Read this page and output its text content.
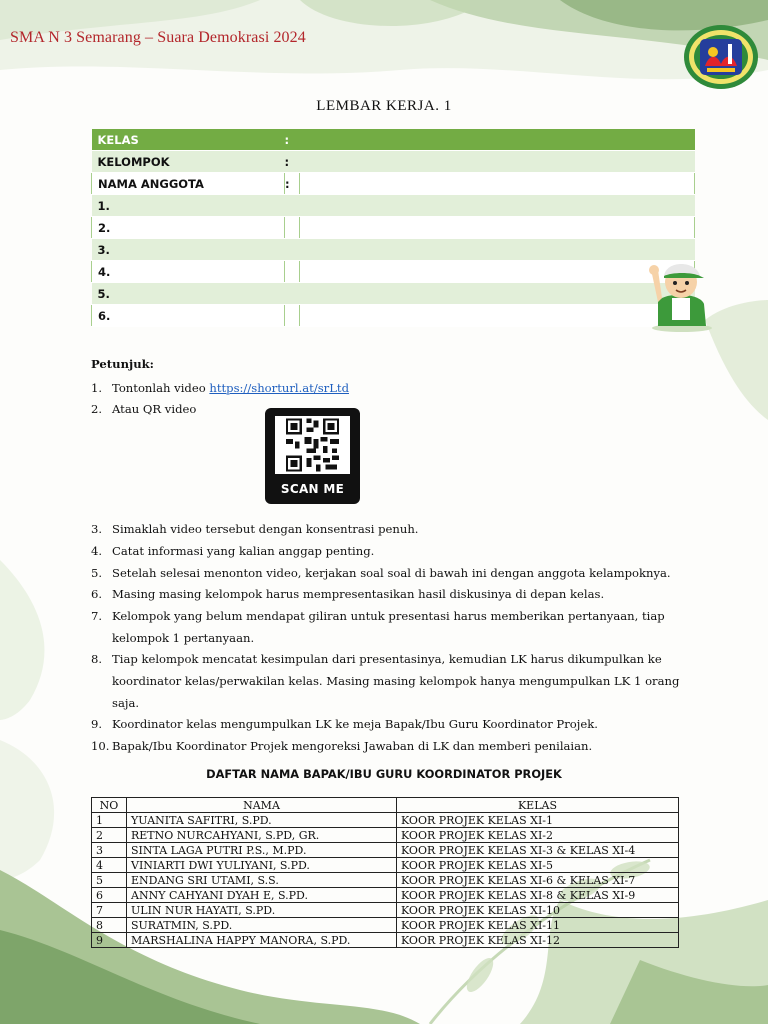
SMA N 3 Semarang – Suara Demokrasi 2024
LEMBAR KERJA. 1
KELAS	:	
KELOMPOK	:	
NAMA ANGGOTA	:	
1.		
2.		
3.		
4.		
5.		
6.		
Petunjuk:
1. Tontonlah video https://shorturl.at/srLtd
2. Atau QR video
SCAN ME
3. Simaklah video tersebut dengan konsentrasi penuh.
4. Catat informasi yang kalian anggap penting.
5. Setelah selesai menonton video, kerjakan soal soal di bawah ini dengan anggota kelampoknya.
6. Masing masing kelompok harus mempresentasikan hasil diskusinya di depan kelas.
7. Kelompok yang belum mendapat giliran untuk presentasi harus memberikan pertanyaan, tiap kelompok 1 pertanyaan.
8. Tiap kelompok mencatat kesimpulan dari presentasinya, kemudian LK harus dikumpulkan ke koordinator kelas/perwakilan kelas. Masing masing kelompok hanya mengumpulkan LK 1 orang saja.
9. Koordinator kelas mengumpulkan LK ke meja Bapak/Ibu Guru Koordinator Projek.
10. Bapak/Ibu Koordinator Projek mengoreksi Jawaban di LK dan memberi penilaian.
DAFTAR NAMA BAPAK/IBU GURU KOORDINATOR PROJEK
NO	NAMA	KELAS
1	YUANITA SAFITRI, S.PD.	KOOR PROJEK KELAS XI-1
2	RETNO NURCAHYANI, S.PD, GR.	KOOR PROJEK KELAS XI-2
3	SINTA LAGA PUTRI P.S., M.PD.	KOOR PROJEK KELAS XI-3 & KELAS XI-4
4	VINIARTI DWI YULIYANI, S.PD.	KOOR PROJEK KELAS XI-5
5	ENDANG SRI UTAMI, S.S.	KOOR PROJEK KELAS XI-6 & KELAS XI-7
6	ANNY CAHYANI DYAH E, S.PD.	KOOR PROJEK KELAS XI-8 & KELAS XI-9
7	ULIN NUR HAYATI, S.PD.	KOOR PROJEK KELAS XI-10
8	SURATMIN, S.PD.	KOOR PROJEK KELAS XI-11
9	MARSHALINA HAPPY MANORA, S.PD.	KOOR PROJEK KELAS XI-12
